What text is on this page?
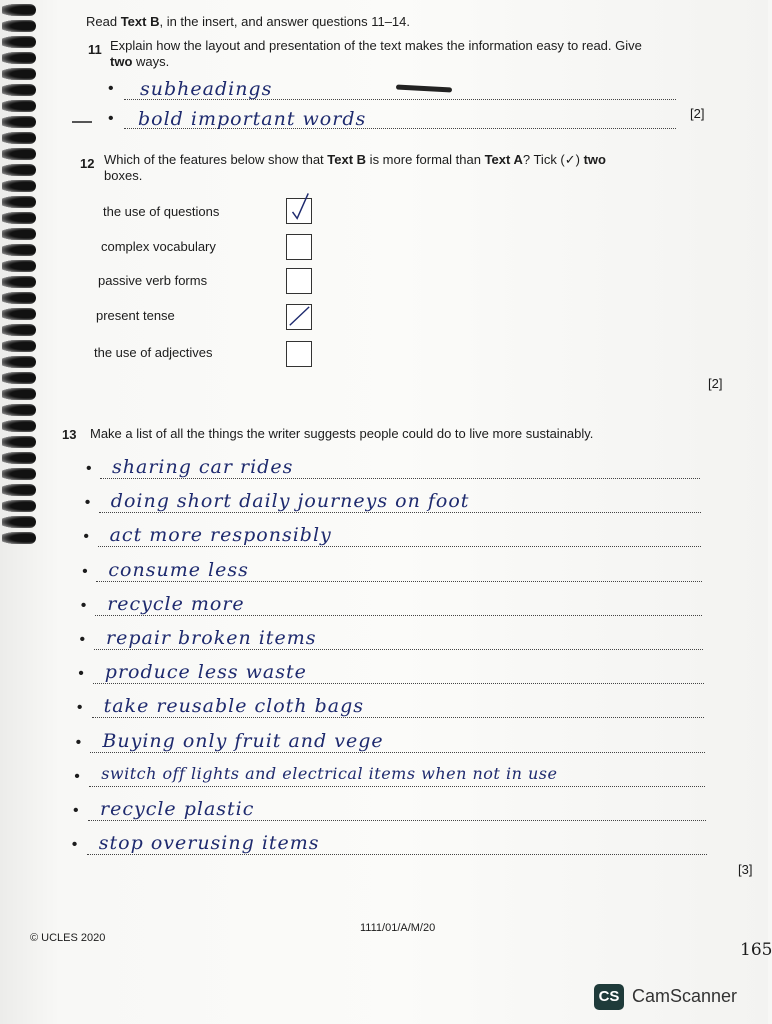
Read Text B, in the insert, and answer questions 11–14.
11 Explain how the layout and presentation of the text makes the information easy to read. Give
two ways.
• subheadings
• bold important words	[2]
12 Which of the features below show that Text B is more formal than Text A? Tick (✓) two
boxes.
the use of questions
complex vocabulary
passive verb forms
present tense
the use of adjectives
[2]
13 Make a list of all the things the writer suggests people could do to live more sustainably.
• sharing car rides
• doing short daily journeys on foot
• act more responsibly
• consume less
• recycle more
• repair broken items
• produce less waste
• take reusable cloth bags
• Buying only fruit and vege
• switch off lights and electrical items when not in use
• recycle plastic
• stop overusing items
[3]
© UCLES 2020
1111/01/A/M/20
165
CS CamScanner
